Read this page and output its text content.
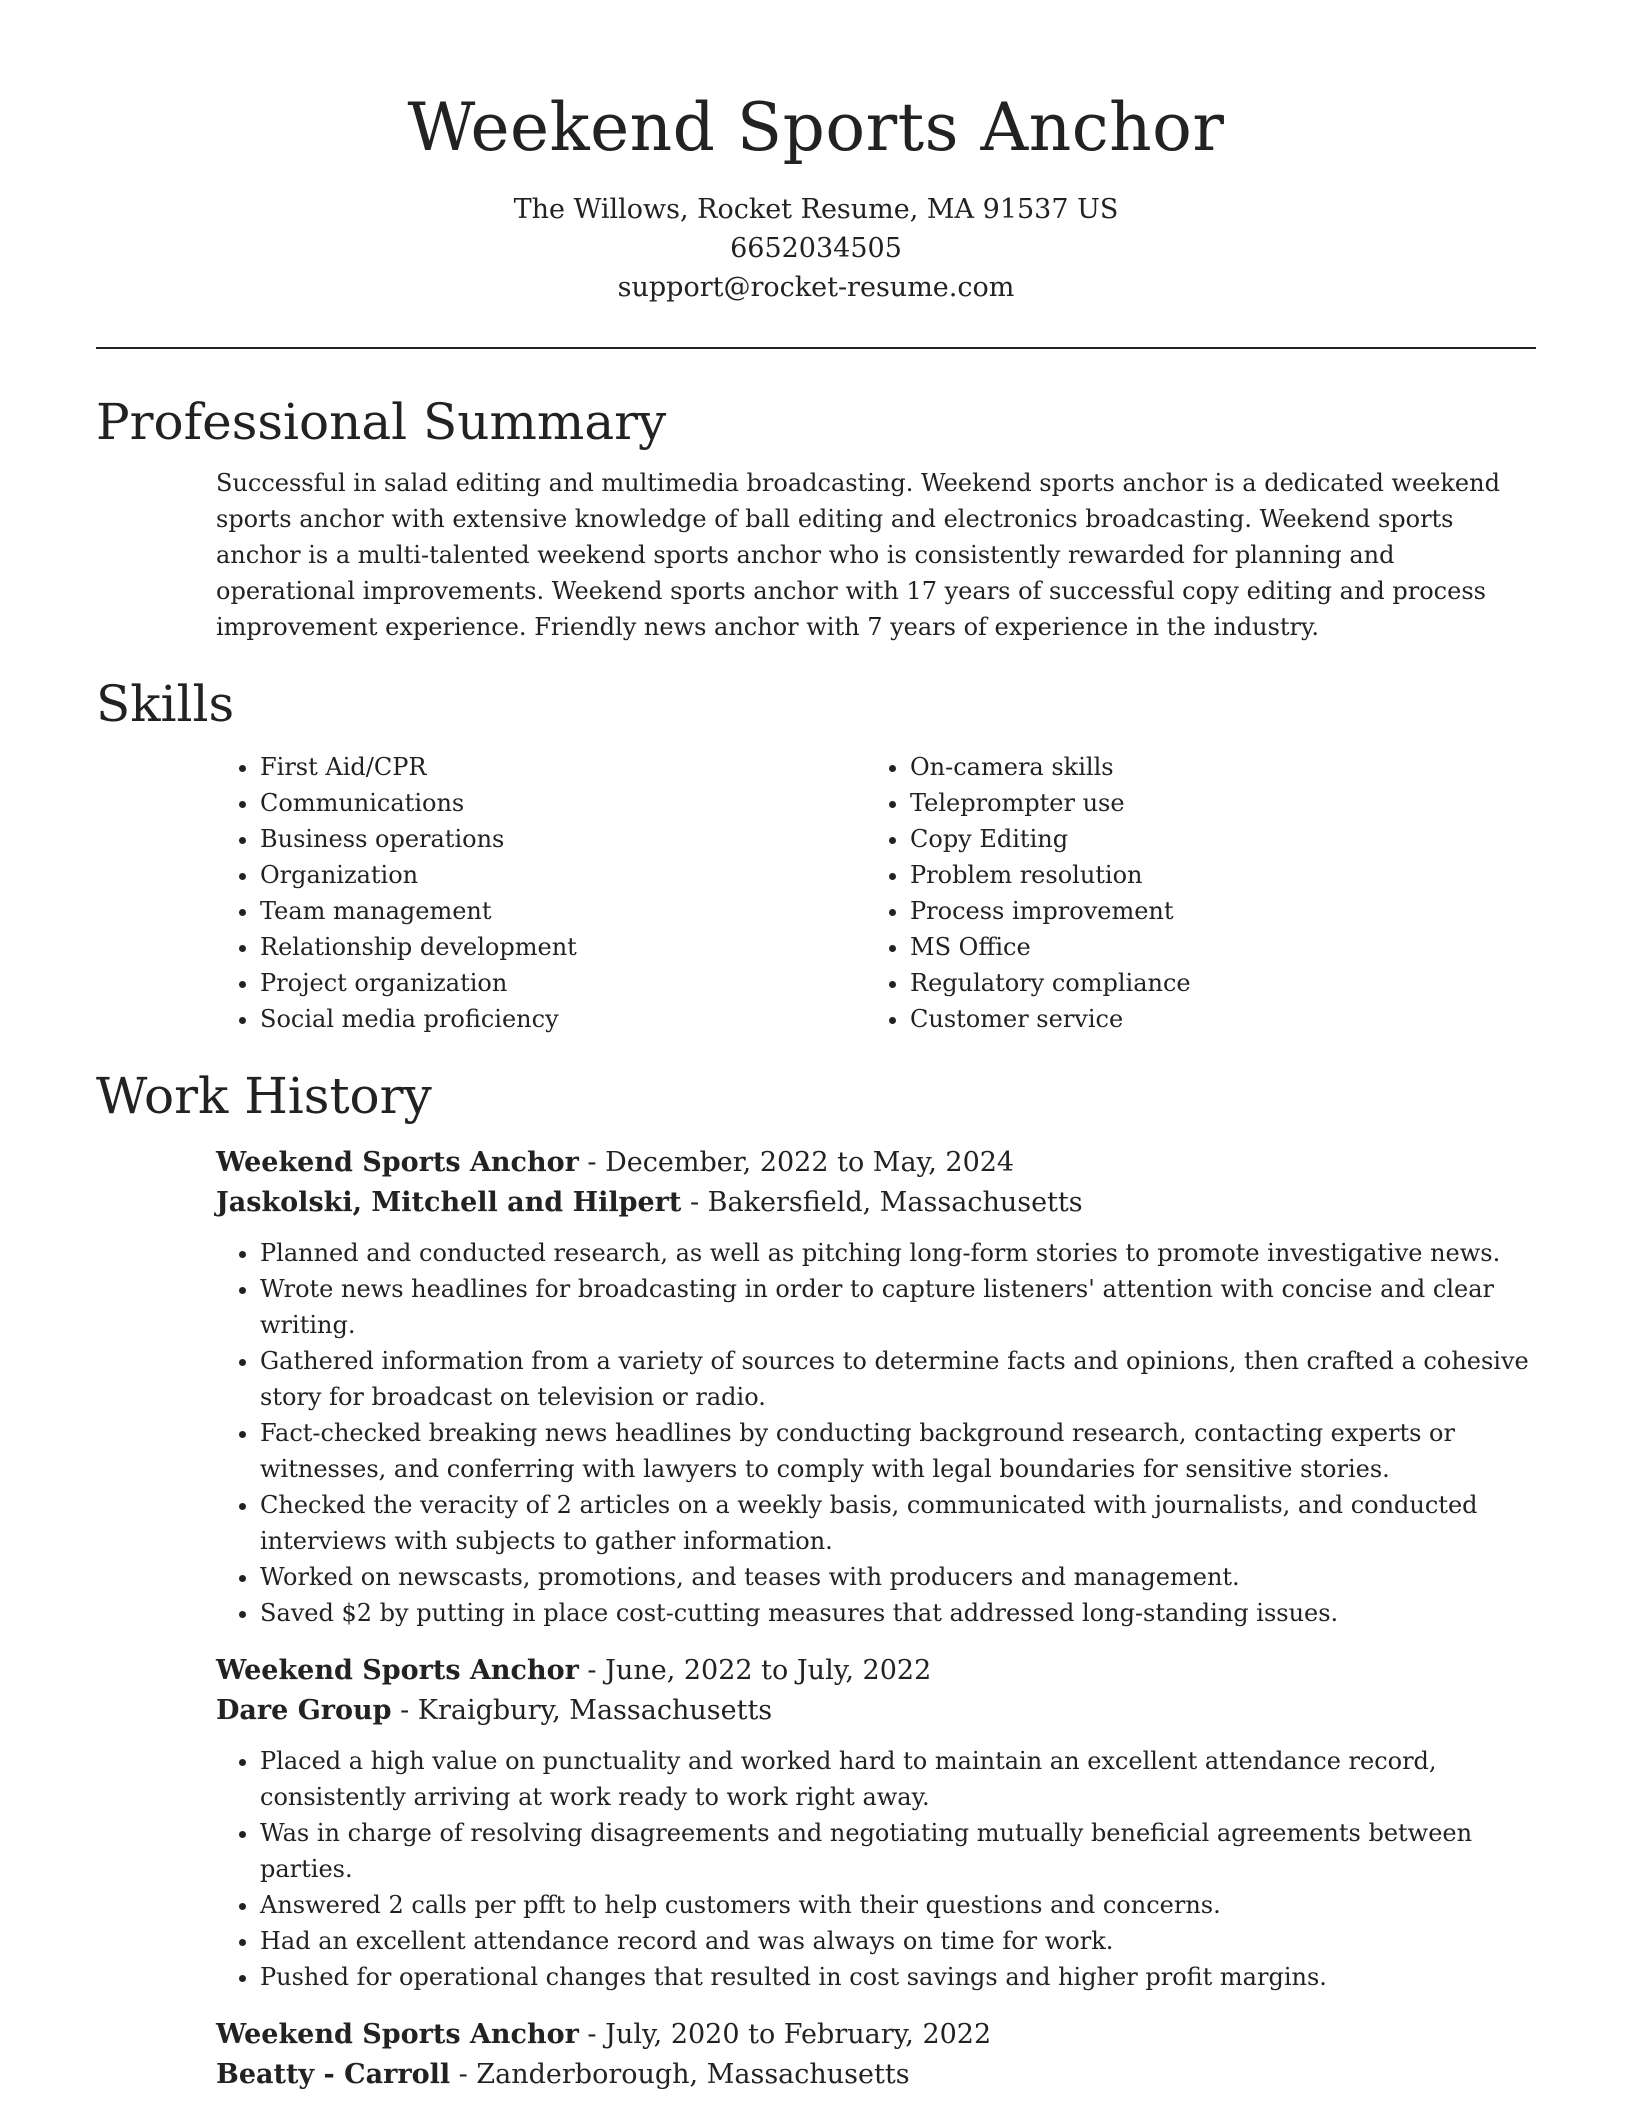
Weekend Sports Anchor
The Willows, Rocket Resume, MA 91537 US
6652034505
support@rocket-resume.com
Professional Summary
Successful in salad editing and multimedia broadcasting. Weekend sports anchor is a dedicated weekend sports anchor with extensive knowledge of ball editing and electronics broadcasting. Weekend sports anchor is a multi-talented weekend sports anchor who is consistently rewarded for planning and operational improvements. Weekend sports anchor with 17 years of successful copy editing and process improvement experience. Friendly news anchor with 7 years of experience in the industry.
Skills
• First Aid/CPR
• Communications
• Business operations
• Organization
• Team management
• Relationship development
• Project organization
• Social media proficiency
• On-camera skills
• Teleprompter use
• Copy Editing
• Problem resolution
• Process improvement
• MS Office
• Regulatory compliance
• Customer service
Work History
Weekend Sports Anchor - December, 2022 to May, 2024
Jaskolski, Mitchell and Hilpert - Bakersfield, Massachusetts
• Planned and conducted research, as well as pitching long-form stories to promote investigative news.
• Wrote news headlines for broadcasting in order to capture listeners' attention with concise and clear writing.
• Gathered information from a variety of sources to determine facts and opinions, then crafted a cohesive story for broadcast on television or radio.
• Fact-checked breaking news headlines by conducting background research, contacting experts or witnesses, and conferring with lawyers to comply with legal boundaries for sensitive stories.
• Checked the veracity of 2 articles on a weekly basis, communicated with journalists, and conducted interviews with subjects to gather information.
• Worked on newscasts, promotions, and teases with producers and management.
• Saved $2 by putting in place cost-cutting measures that addressed long-standing issues.
Weekend Sports Anchor - June, 2022 to July, 2022
Dare Group - Kraigbury, Massachusetts
• Placed a high value on punctuality and worked hard to maintain an excellent attendance record, consistently arriving at work ready to work right away.
• Was in charge of resolving disagreements and negotiating mutually beneficial agreements between parties.
• Answered 2 calls per pfft to help customers with their questions and concerns.
• Had an excellent attendance record and was always on time for work.
• Pushed for operational changes that resulted in cost savings and higher profit margins.
Weekend Sports Anchor - July, 2020 to February, 2022
Beatty - Carroll - Zanderborough, Massachusetts
